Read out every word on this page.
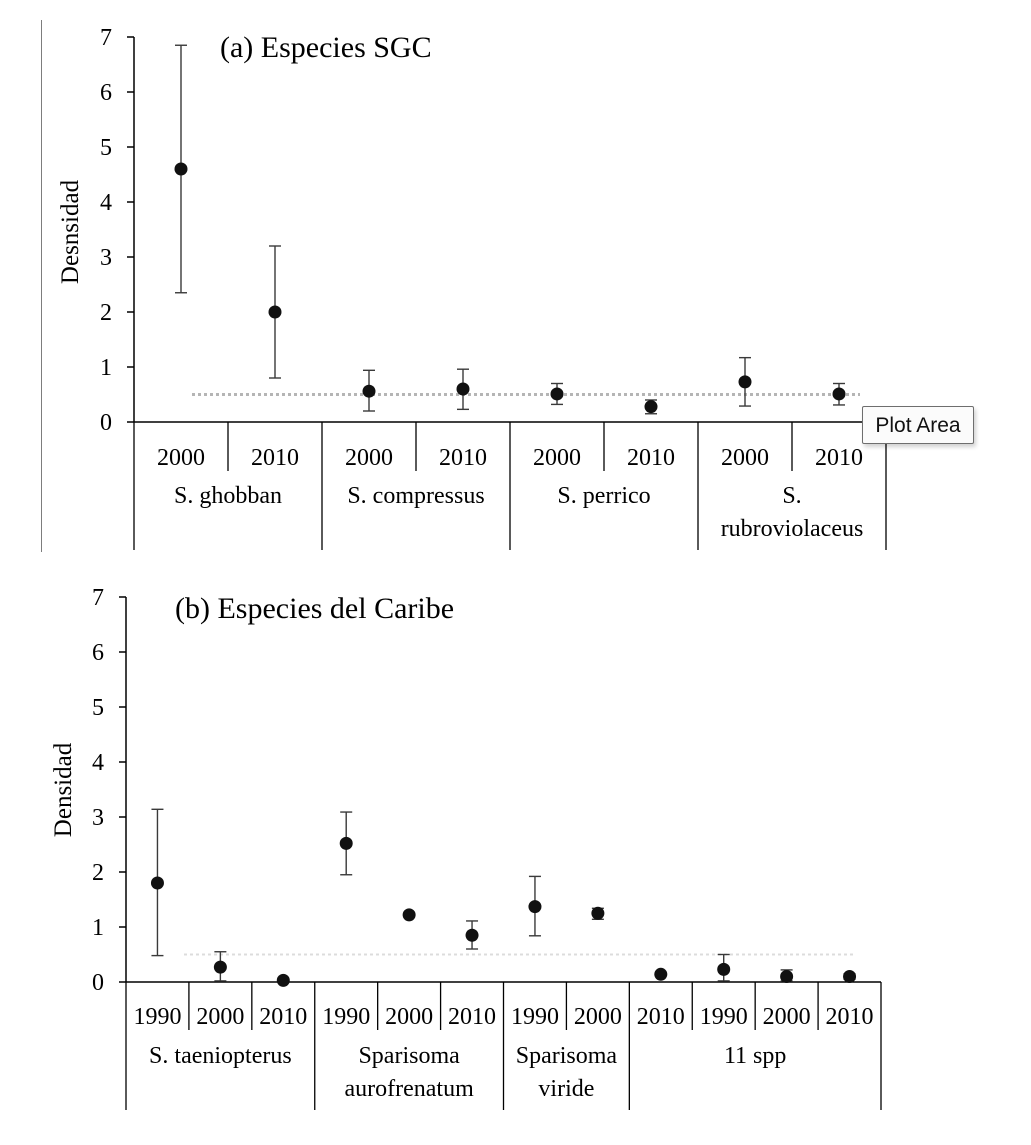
0
1
2
3
4
5
6
7
2000 2010
S. ghobban
2000 2010
S. compressus
2000 2010
S. perrico
2000 2010
S.
rubroviolaceus
(a) Especies SGC
Desnsidad
0
1
2
3
4
5
6
7
1990 2000 2010
S. taeniopterus
1990 2000 2010
Sparisoma
aurofrenatum
1990 2000
Sparisoma
viride
2010 1990 2000 2010
11 spp
(b) Especies del Caribe
Densidad
Plot Area
